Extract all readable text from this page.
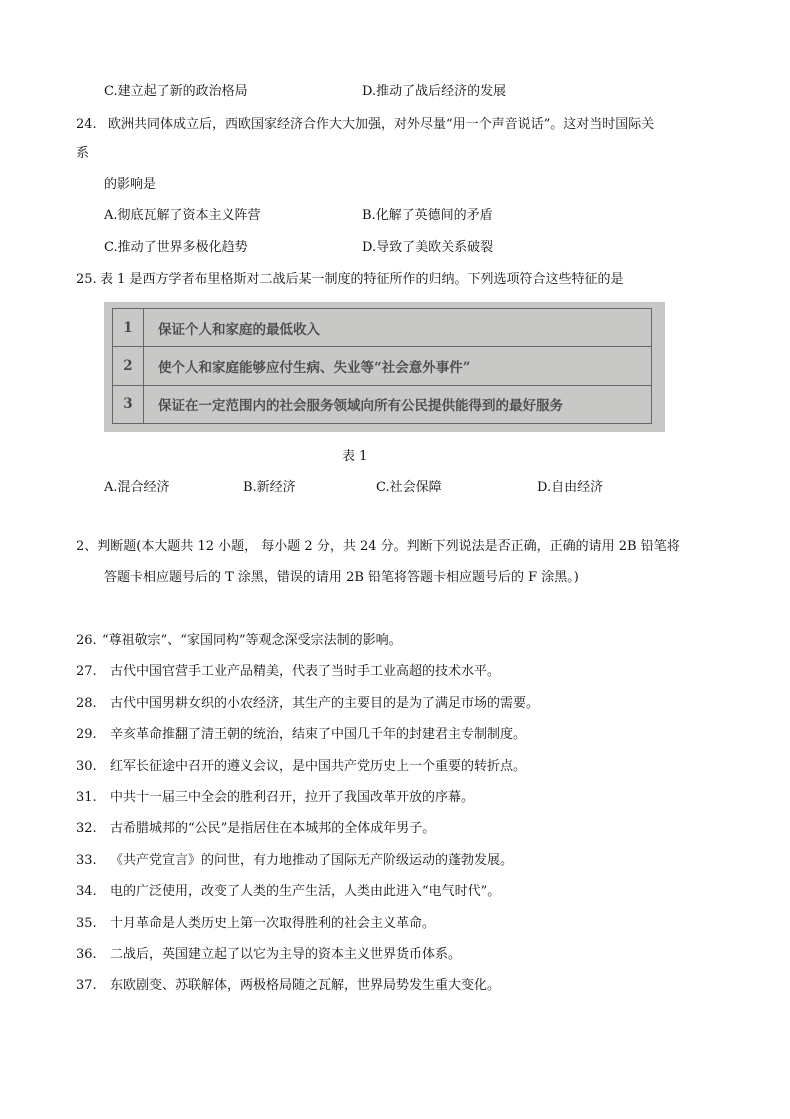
C.建立起了新的政治格局	D.推动了战后经济的发展
24. 欧洲共同体成立后，西欧国家经济合作大大加强，对外尽量“用一个声音说话”。这对当时国际关
系
的影响是
A.彻底瓦解了资本主义阵营	B.化解了英德间的矛盾
C.推动了世界多极化趋势	D.导致了美欧关系破裂
25. 表 1 是西方学者布里格斯对二战后某一制度的特征所作的归纳。下列选项符合这些特征的是
1	保证个人和家庭的最低收入
2	使个人和家庭能够应付生病、失业等“社会意外事件”
3	保证在一定范围内的社会服务领域向所有公民提供能得到的最好服务
表 1
A.混合经济	B.新经济	C.社会保障	D.自由经济
2、判断题(本大题共 12 小题， 每小题 2 分，共 24 分。判断下列说法是否正确，正确的请用 2B 铅笔将
答题卡相应题号后的 T 涂黑，错误的请用 2B 铅笔将答题卡相应题号后的 F 涂黑。)
26. “尊祖敬宗”、“家国同构”等观念深受宗法制的影响。
27. 古代中国官营手工业产品精美，代表了当时手工业高超的技术水平。
28. 古代中国男耕女织的小农经济，其生产的主要目的是为了满足市场的需要。
29. 辛亥革命推翻了清王朝的统治，结束了中国几千年的封建君主专制制度。
30. 红军长征途中召开的遵义会议，是中国共产党历史上一个重要的转折点。
31. 中共十一届三中全会的胜利召开，拉开了我国改革开放的序幕。
32. 古希腊城邦的“公民”是指居住在本城邦的全体成年男子。
33. 《共产党宣言》的问世，有力地推动了国际无产阶级运动的蓬勃发展。
34. 电的广泛使用，改变了人类的生产生活，人类由此进入“电气时代”。
35. 十月革命是人类历史上第一次取得胜利的社会主义革命。
36. 二战后，英国建立起了以它为主导的资本主义世界货币体系。
37. 东欧剧变、苏联解体，两极格局随之瓦解，世界局势发生重大变化。
